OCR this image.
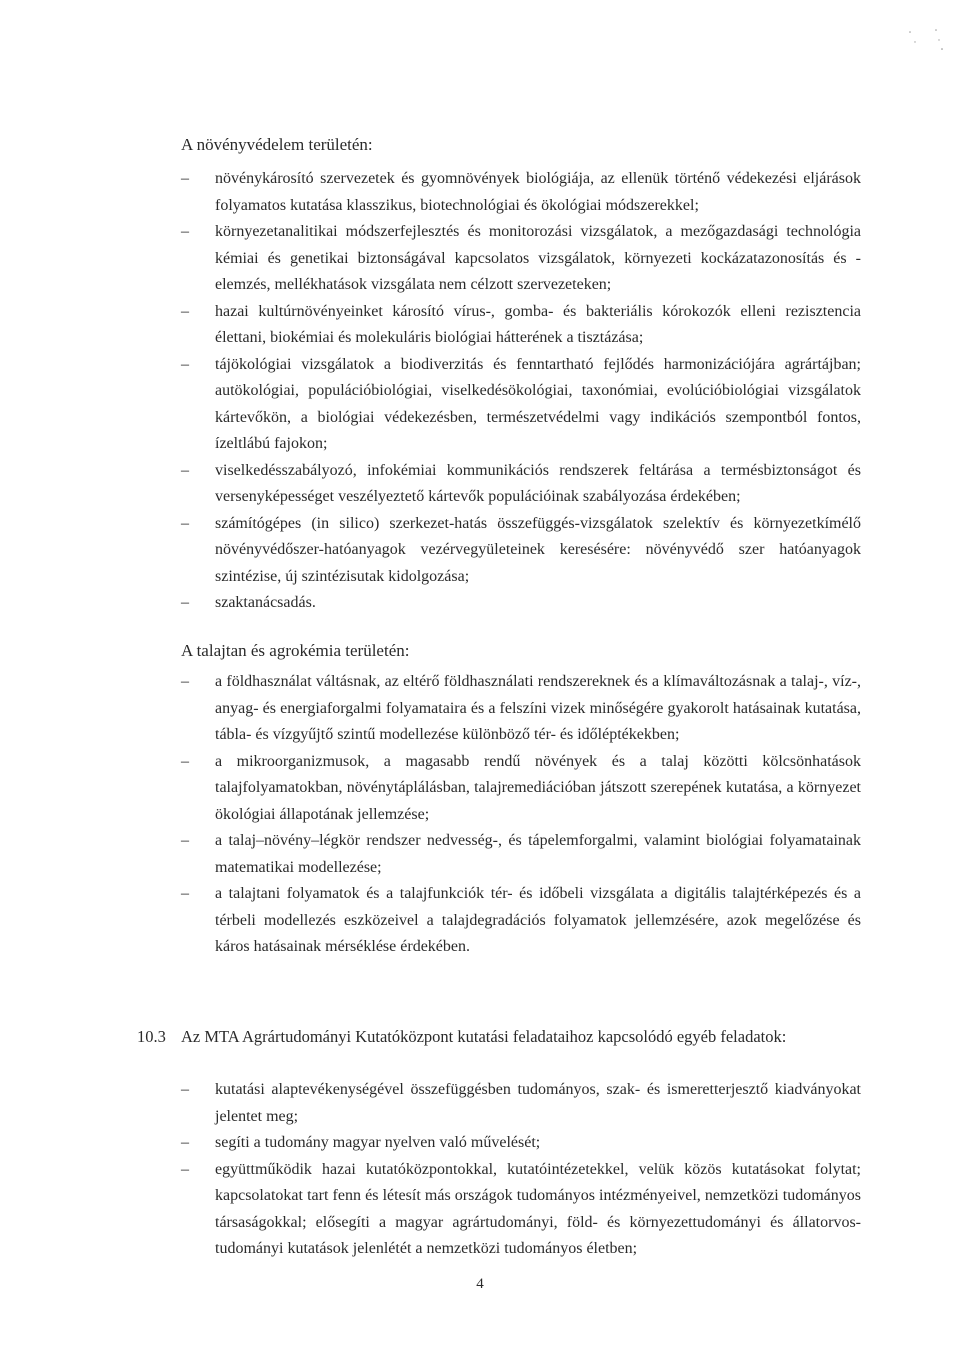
A növényvédelem területén:
–	növénykárosító szervezetek és gyomnövények biológiája, az ellenük történő védekezési eljárások folyamatos kutatása klasszikus, biotechnológiai és ökológiai módszerekkel;
–	környezetanalitikai módszerfejlesztés és monitorozási vizsgálatok, a mezőgazdasági technológia kémiai és genetikai biztonságával kapcsolatos vizsgálatok, környezeti kockázatazonosítás és -elemzés, mellékhatások vizsgálata nem célzott szervezeteken;
–	hazai kultúrnövényeinket károsító vírus-, gomba- és bakteriális kórokozók elleni rezisztencia élettani, biokémiai és molekuláris biológiai hátterének a tisztázása;
–	tájökológiai vizsgálatok a biodiverzitás és fenntartható fejlődés harmonizációjára agrártájban; autökológiai, populációbiológiai, viselkedésökológiai, taxonómiai, evolúcióbiológiai vizsgálatok kártevőkön, a biológiai védekezésben, természetvédelmi vagy indikációs szempontból fontos, ízeltlábú fajokon;
–	viselkedésszabályozó, infokémiai kommunikációs rendszerek feltárása a termésbiztonságot és versenyképességet veszélyeztető kártevők populációinak szabályozása érdekében;
–	számítógépes (in silico) szerkezet-hatás összefüggés-vizsgálatok szelektív és környezetkímélő növényvédőszer-hatóanyagok vezérvegyületeinek keresésére: növényvédő szer hatóanyagok szintézise, új szintézisutak kidolgozása;
–	szaktanácsadás.
A talajtan és agrokémia területén:
–	a földhasználat váltásnak, az eltérő földhasználati rendszereknek és a klímaváltozásnak a talaj-, víz-, anyag- és energiaforgalmi folyamataira és a felszíni vizek minőségére gyakorolt hatásainak kutatása, tábla- és vízgyűjtő szintű modellezése különböző tér- és időléptékekben;
–	a mikroorganizmusok, a magasabb rendű növények és a talaj közötti kölcsönhatások talajfolyamatokban, növénytáplálásban, talajremediációban játszott szerepének kutatása, a környezet ökológiai állapotának jellemzése;
–	a talaj–növény–légkör rendszer nedvesség-, és tápelemforgalmi, valamint biológiai folyamatainak matematikai modellezése;
–	a talajtani folyamatok és a talajfunkciók tér- és időbeli vizsgálata a digitális talajtérképezés és a térbeli modellezés eszközeivel a talajdegradációs folyamatok jellemzésére, azok megelőzése és káros hatásainak mérséklése érdekében.
10.3 Az MTA Agrártudományi Kutatóközpont kutatási feladataihoz kapcsolódó egyéb feladatok:
–	kutatási alaptevékenységével összefüggésben tudományos, szak- és ismeretterjesztő kiadványokat jelentet meg;
–	segíti a tudomány magyar nyelven való művelését;
–	együttműködik hazai kutatóközpontokkal, kutatóintézetekkel, velük közös kutatásokat folytat; kapcsolatokat tart fenn és létesít más országok tudományos intézményeivel, nemzetközi tudományos társaságokkal; elősegíti a magyar agrártudományi, föld- és környezettudományi és állatorvos-tudományi kutatások jelenlétét a nemzetközi tudományos életben;
4
